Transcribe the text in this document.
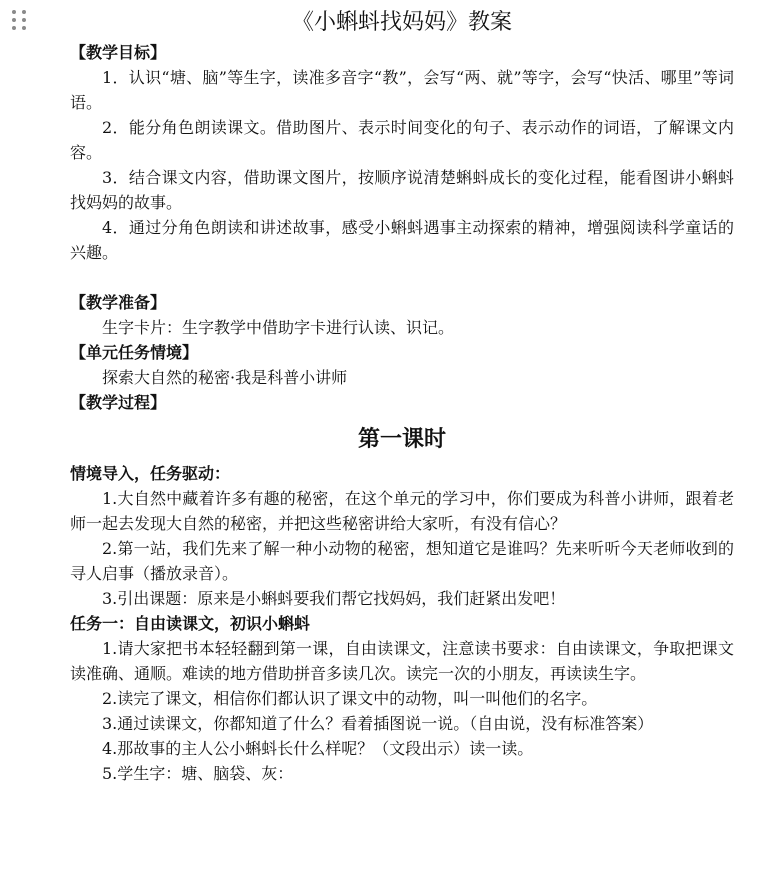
《小蝌蚪找妈妈》教案
【教学目标】
1．认识“塘、脑”等生字，读准多音字“教”，会写“两、就”等字，会写“快活、哪里”等词语。
2．能分角色朗读课文。借助图片、表示时间变化的句子、表示动作的词语，了解课文内容。
3．结合课文内容，借助课文图片，按顺序说清楚蝌蚪成长的变化过程，能看图讲小蝌蚪找妈妈的故事。
4．通过分角色朗读和讲述故事，感受小蝌蚪遇事主动探索的精神，增强阅读科学童话的兴趣。
【教学准备】
生字卡片：生字教学中借助字卡进行认读、识记。
【单元任务情境】
探索大自然的秘密·我是科普小讲师
【教学过程】
第一课时
情境导入，任务驱动：
1.大自然中藏着许多有趣的秘密，在这个单元的学习中，你们要成为科普小讲师，跟着老师一起去发现大自然的秘密，并把这些秘密讲给大家听，有没有信心？
2.第一站，我们先来了解一种小动物的秘密，想知道它是谁吗？先来听听今天老师收到的寻人启事（播放录音）。
3.引出课题：原来是小蝌蚪要我们帮它找妈妈，我们赶紧出发吧！
任务一：自由读课文，初识小蝌蚪
1.请大家把书本轻轻翻到第一课，自由读课文，注意读书要求：自由读课文，争取把课文读准确、通顺。难读的地方借助拼音多读几次。读完一次的小朋友，再读读生字。
2.读完了课文，相信你们都认识了课文中的动物，叫一叫他们的名字。
3.通过读课文，你都知道了什么？看着插图说一说。（自由说，没有标准答案）
4.那故事的主人公小蝌蚪长什么样呢？（文段出示）读一读。
5.学生字：塘、脑袋、灰：
